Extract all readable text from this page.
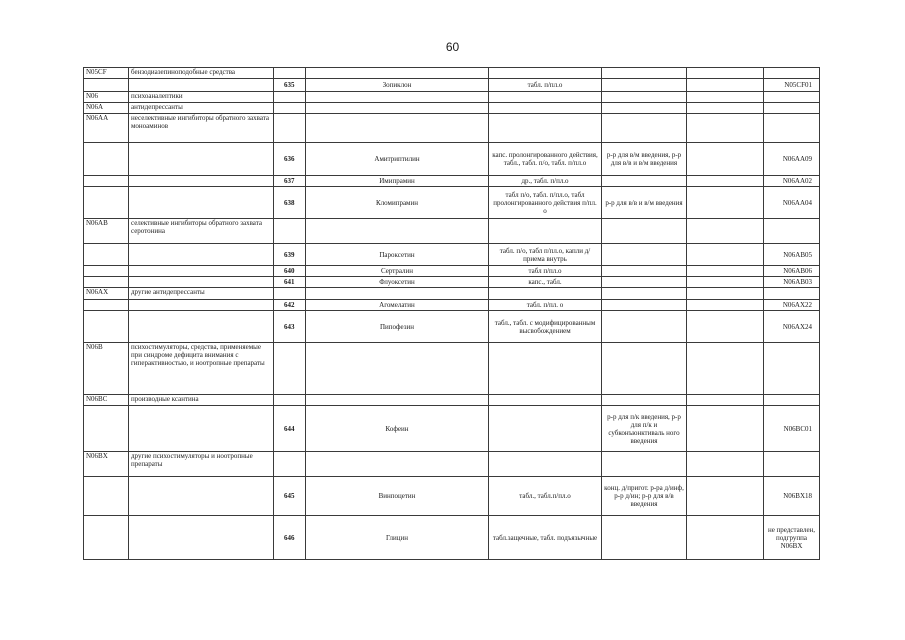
60
N05CF	бензодиазепиноподобные средства						
		635	Зопиклон	табл. п/пл.о			N05CF01
N06	психоаналептики						
N06A	антидепрессанты						
N06AA	неселективные ингибиторы обратного захвата моноаминов						
		636	Амитриптилин	капс. пролонгированного действия, табл., табл. п/о, табл. п/пл.о	р-р для в/м введения, р-р для в/в и в/м введения		N06AA09
		637	Имипрамин	др., табл. п/пл.о			N06AA02
		638	Кломипрамин	табл п/о, табл. п/пл.о, табл пролонгированного действия п/пл. о	р-р для в/в и в/м введения		N06AA04
N06AB	селективные ингибиторы обратного захвата серотонина						
		639	Пароксетин	табл. п/о, табл п/пл.о, капли д/приема внутрь			N06AB05
		640	Сертралин	табл п/пл.о			N06AB06
		641	Флуоксетин	капс., табл.			N06AB03
N06AX	другие антидепрессанты						
		642	Агомелатин	табл. п/пл. о			N06AX22
		643	Пипофезин	табл., табл. с модифицированным высвобождением			N06AX24
N06B	психостимуляторы, средства, применяемые при синдроме дефицита внимания с гиперактивностью, и ноотропные препараты						
N06BC	производные ксантина						
		644	Кофеин		р-р для п/к введения, р-р для п/к и субконъюнктиваль ного введения		N06BC01
N06BX	другие психостимуляторы и ноотропные препараты						
		645	Винпоцетин	табл., табл.п/пл.о	конц. д/пригот. р-ра д/инф, р-р д/ин; р-р для в/в введения		N06BX18
		646	Глицин	табл.защечные, табл. подъязычные			не представлен, подгруппа N06BX
